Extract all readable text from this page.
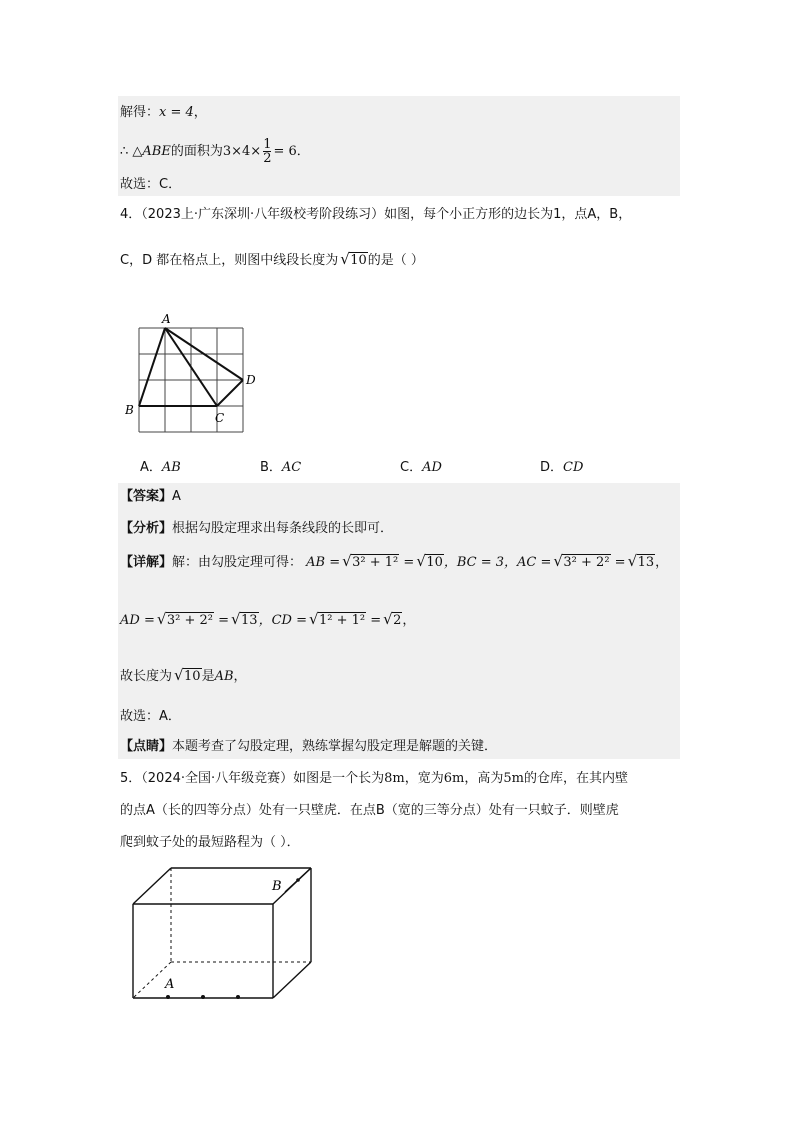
解得：x = 4，
∴ △ABE的面积为$3\times 4\times \frac{1}{2} = 6$．
故选：C．
4．（2023上·广东深圳·八年级校考阶段练习）如图，每个小正方形的边长为1，点A，B，
C，D 都在格点上，则图中线段长度为 √ 10的是（ ）
A
B
C
D
A．AB	B．AC	C．AD	D．CD
【答案】A
【分析】根据勾股定理求出每条线段的长即可．
【详解】解：由勾股定理可得： AB = √ 3² + 1² = √ 10，BC = 3，AC = √ 3² + 2² = √ 13，
AD = √ 3² + 2² = √ 13，CD = √ 1² + 1² = √ 2，
故长度为 √ 10是AB，
故选：A．
【点睛】本题考查了勾股定理，熟练掌握勾股定理是解题的关键．
5．（2024·全国·八年级竞赛）如图是一个长为8m，宽为6m，高为5m的仓库，在其内壁
的点A（长的四等分点）处有一只壁虎．在点B（宽的三等分点）处有一只蚊子．则壁虎
爬到蚊子处的最短路程为（ ）．
B
A
